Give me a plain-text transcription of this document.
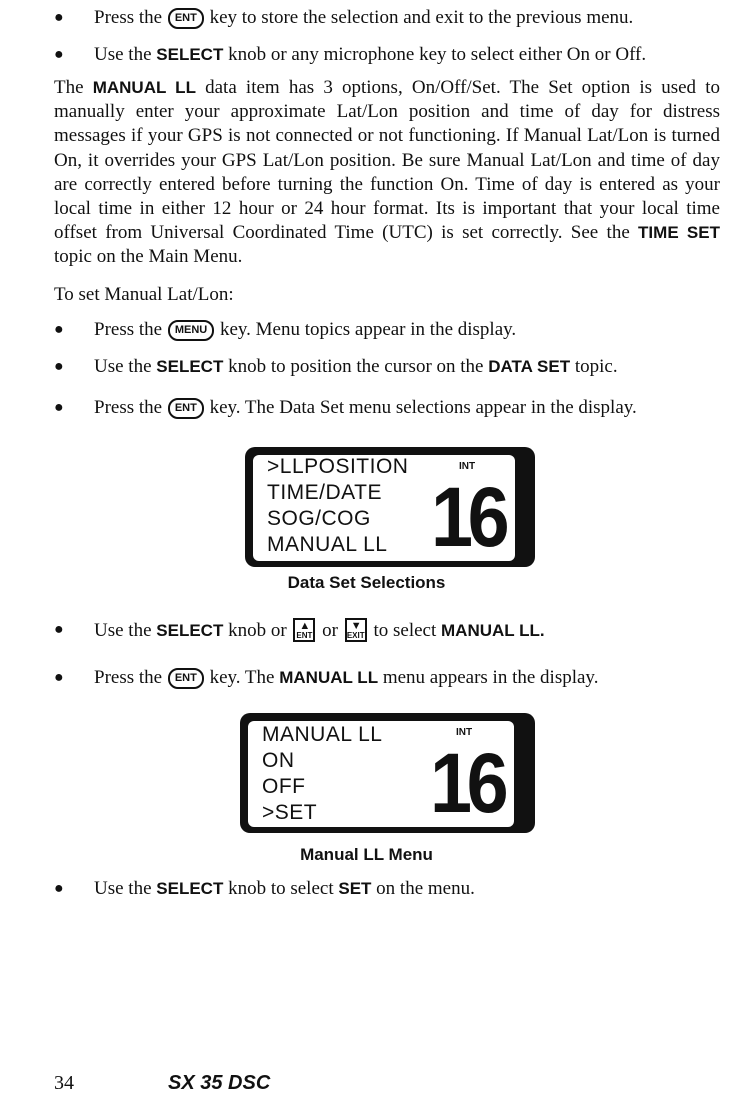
● Press the ENT key to store the selection and exit to the previous menu.
● Use the SELECT knob or any microphone key to select either On or Off.
The MANUAL LL data item has 3 options, On/Off/Set. The Set option is used to manually enter your approximate Lat/Lon position and time of day for distress messages if your GPS is not connected or not functioning. If Manual Lat/Lon is turned On, it overrides your GPS Lat/Lon position. Be sure Manual Lat/Lon and time of day are correctly entered before turning the function On. Time of day is entered as your local time in either 12 hour or 24 hour format. Its is important that your local time offset from Universal Coordinated Time (UTC) is set correctly. See the TIME SET topic on the Main Menu.
To set Manual Lat/Lon:
● Press the MENU key. Menu topics appear in the display.
● Use the SELECT knob to position the cursor on the DATA SET topic.
● Press the ENT key. The Data Set menu selections appear in the display.
>LLPOSITION
TIME/DATE
SOG/COG
MANUAL LL
INT
16
Data Set Selections
● Use the SELECT knob or ▲
ENT or ▼
EXIT to select MANUAL LL.
● Press the ENT key. The MANUAL LL menu appears in the display.
MANUAL LL
ON
OFF
>SET
INT
16
Manual LL Menu
● Use the SELECT knob to select SET on the menu.
34	SX 35 DSC
